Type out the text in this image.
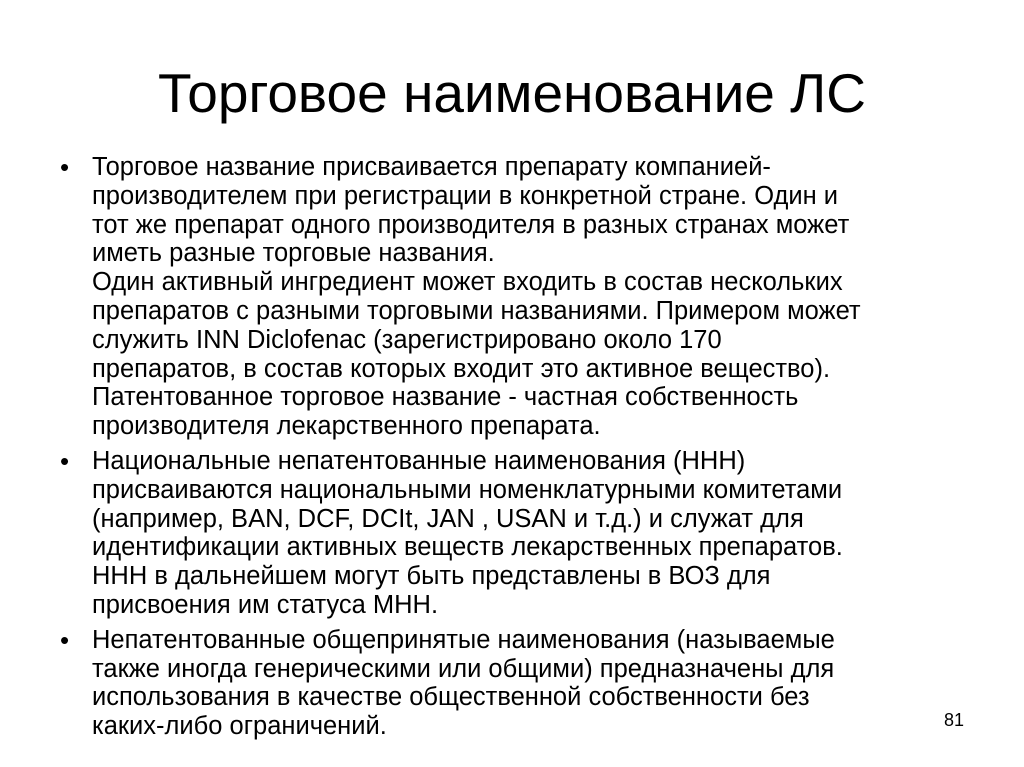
Торговое наименование ЛС
• Торговое название присваивается препарату компанией-
производителем при регистрации в конкретной стране. Один и
тот же препарат одного производителя в разных странах может
иметь разные торговые названия.
Один активный ингредиент может входить в состав нескольких
препаратов с разными торговыми названиями. Примером может
служить INN Diclofenac (зарегистрировано около 170
препаратов, в состав которых входит это активное вещество).
Патентованное торговое название - частная собственность
производителя лекарственного препарата.
• Национальные непатентованные наименования (ННН)
присваиваются национальными номенклатурными комитетами
(например, BAN, DCF, DCIt, JAN , USAN и т.д.) и служат для
идентификации активных веществ лекарственных препаратов.
ННН в дальнейшем могут быть представлены в ВОЗ для
присвоения им статуса МНН.
• Непатентованные общепринятые наименования (называемые
также иногда генерическими или общими) предназначены для
использования в качестве общественной собственности без
каких-либо ограничений.	81
